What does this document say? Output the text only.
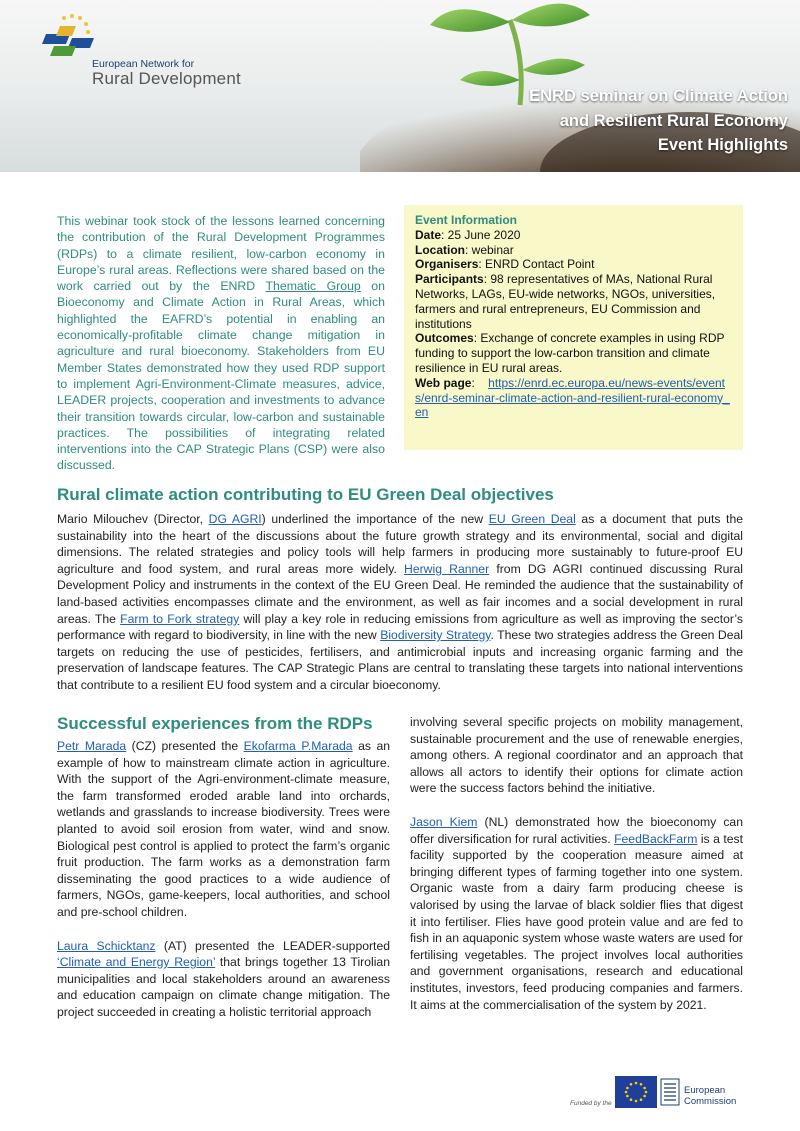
European Network for
Rural Development
ENRD seminar on Climate Action
and Resilient Rural Economy
Event Highlights

This webinar took stock of the lessons learned concerning the contribution of the Rural Development Programmes (RDPs) to a climate resilient, low-carbon economy in Europe’s rural areas. Reflections were shared based on the work carried out by the ENRD Thematic Group on Bioeconomy and Climate Action in Rural Areas, which highlighted the EAFRD’s potential in enabling an economically-profitable climate change mitigation in agriculture and rural bioeconomy. Stakeholders from EU Member States demonstrated how they used RDP support to implement Agri-Environment-Climate measures, advice, LEADER projects, cooperation and investments to advance their transition towards circular, low-carbon and sustainable practices. The possibilities of integrating related interventions into the CAP Strategic Plans (CSP) were also discussed.

Event Information
Date: 25 June 2020
Location: webinar
Organisers: ENRD Contact Point
Participants: 98 representatives of MAs, National Rural Networks, LAGs, EU-wide networks, NGOs, universities, farmers and rural entrepreneurs, EU Commission and institutions
Outcomes: Exchange of concrete examples in using RDP funding to support the low-carbon transition and climate resilience in EU rural areas.
Web page: https://enrd.ec.europa.eu/news-events/events/enrd-seminar-climate-action-and-resilient-rural-economy_en
Rural climate action contributing to EU Green Deal objectives

Mario Milouchev (Director, DG AGRI) underlined the importance of the new EU Green Deal as a document that puts the sustainability into the heart of the discussions about the future growth strategy and its environmental, social and digital dimensions. The related strategies and policy tools will help farmers in producing more sustainably to future-proof EU agriculture and food system, and rural areas more widely. Herwig Ranner from DG AGRI continued discussing Rural Development Policy and instruments in the context of the EU Green Deal. He reminded the audience that the sustainability of land-based activities encompasses climate and the environment, as well as fair incomes and a social development in rural areas. The Farm to Fork strategy will play a key role in reducing emissions from agriculture as well as improving the sector’s performance with regard to biodiversity, in line with the new Biodiversity Strategy. These two strategies address the Green Deal targets on reducing the use of pesticides, fertilisers, and antimicrobial inputs and increasing organic farming and the preservation of landscape features. The CAP Strategic Plans are central to translating these targets into national interventions that contribute to a resilient EU food system and a circular bioeconomy.

Successful experiences from the RDPs

Petr Marada (CZ) presented the Ekofarma P.Marada as an example of how to mainstream climate action in agriculture. With the support of the Agri-environment-climate measure, the farm transformed eroded arable land into orchards, wetlands and grasslands to increase biodiversity. Trees were planted to avoid soil erosion from water, wind and snow. Biological pest control is applied to protect the farm’s organic fruit production. The farm works as a demonstration farm disseminating the good practices to a wide audience of farmers, NGOs, game-keepers, local authorities, and school and pre-school children.

Laura Schicktanz (AT) presented the LEADER-supported ‘Climate and Energy Region’ that brings together 13 Tirolian municipalities and local stakeholders around an awareness and education campaign on climate change mitigation. The project succeeded in creating a holistic territorial approach

involving several specific projects on mobility management, sustainable procurement and the use of renewable energies, among others. A regional coordinator and an approach that allows all actors to identify their options for climate action were the success factors behind the initiative.

Jason Kiem (NL) demonstrated how the bioeconomy can offer diversification for rural activities. FeedBackFarm is a test facility supported by the cooperation measure aimed at bringing different types of farming together into one system. Organic waste from a dairy farm producing cheese is valorised by using the larvae of black soldier flies that digest it into fertiliser. Flies have good protein value and are fed to fish in an aquaponic system whose waste waters are used for fertilising vegetables. The project involves local authorities and government organisations, research and educational institutes, investors, feed producing companies and farmers. It aims at the commercialisation of the system by 2021.

Funded by the
European
Commission
